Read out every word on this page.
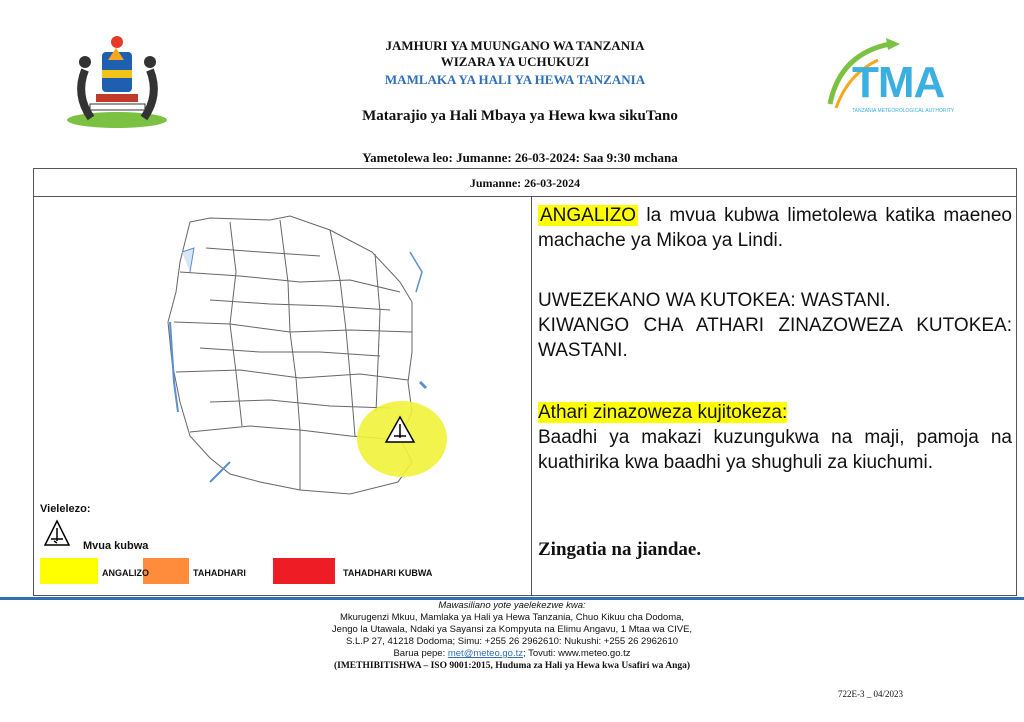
TMA
TANZANIA METEOROLOGICAL AUTHORITY
JAMHURI YA MUUNGANO WA TANZANIA
WIZARA YA UCHUKUZI
MAMLAKA YA HALI YA HEWA TANZANIA
Matarajio ya Hali Mbaya ya Hewa kwa sikuTano
Yametolewa leo: Jumanne: 26-03-2024: Saa 9:30 mchana
Jumanne: 26-03-2024
Vielelezo:
Mvua kubwa
ANGALIZO	TAHADHARI	TAHADHARI KUBWA
ANGALIZO la mvua kubwa limetolewa katika maeneo machache ya Mikoa ya Lindi.
UWEZEKANO WA KUTOKEA: WASTANI.
KIWANGO CHA ATHARI ZINAZOWEZA KUTOKEA: WASTANI.
Athari zinazoweza kujitokeza:
Baadhi ya makazi kuzungukwa na maji, pamoja na kuathirika kwa baadhi ya shughuli za kiuchumi.
Zingatia na jiandae.
Mawasiliano yote yaelekezwe kwa:
Mkurugenzi Mkuu, Mamlaka ya Hali ya Hewa Tanzania, Chuo Kikuu cha Dodoma,
Jengo la Utawala, Ndaki ya Sayansi za Kompyuta na Elimu Angavu, 1 Mtaa wa CIVE,
S.L.P 27, 41218 Dodoma; Simu: +255 26 2962610: Nukushi: +255 26 2962610
Barua pepe: met@meteo.go.tz; Tovuti: www.meteo.go.tz
(IMETHIBITISHWA – ISO 9001:2015, Huduma za Hali ya Hewa kwa Usafiri wa Anga)
722E-3 _ 04/2023
